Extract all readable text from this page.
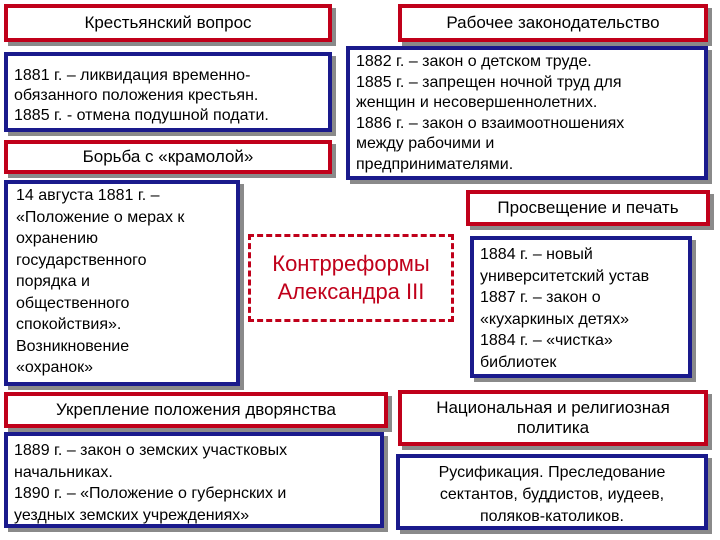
Контрреформы
Александра III
Крестьянский вопрос
1881 г. – ликвидация временно-
обязанного положения крестьян.
1885 г. - отмена подушной подати.
Рабочее законодательство
1882 г. – закон о детском труде.
1885 г. – запрещен ночной труд для
женщин и несовершеннолетних.
1886 г. – закон о взаимоотношениях
между рабочими и
предпринимателями.
Борьба с «крамолой»
14 августа 1881 г. –
«Положение о мерах к
охранению
государственного
порядка и
общественного
спокойствия».
Возникновение
«охранок»
Просвещение и печать
1884 г. – новый
университетский устав
1887 г. – закон о
«кухаркиных детях»
1884 г. – «чистка»
библиотек
Укрепление положения дворянства
1889 г. – закон о земских участковых
начальниках.
1890 г. – «Положение о губернских и
уездных земских учреждениях»
Национальная и религиозная
политика
Русификация. Преследование
сектантов, буддистов, иудеев,
поляков-католиков.
